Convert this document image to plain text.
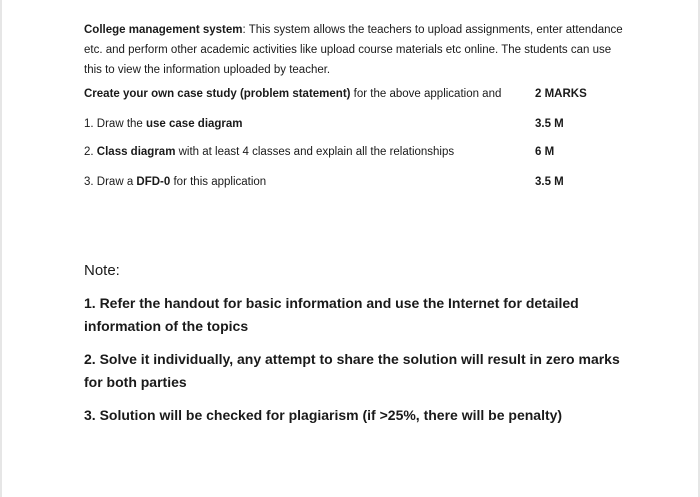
College management system: This system allows the teachers to upload assignments, enter attendance etc. and perform other academic activities like upload course materials etc online. The students can use this to view the information uploaded by teacher.

Create your own case study (problem statement) for the above application and	2 MARKS
1. Draw the use case diagram	3.5 M
2. Class diagram with at least 4 classes and explain all the relationships	6 M
3. Draw a DFD-0 for this application	3.5 M
Note:
1. Refer the handout for basic information and use the Internet for detailed information of the topics
2. Solve it individually, any attempt to share the solution will result in zero marks for both parties
3. Solution will be checked for plagiarism (if >25%, there will be penalty)
